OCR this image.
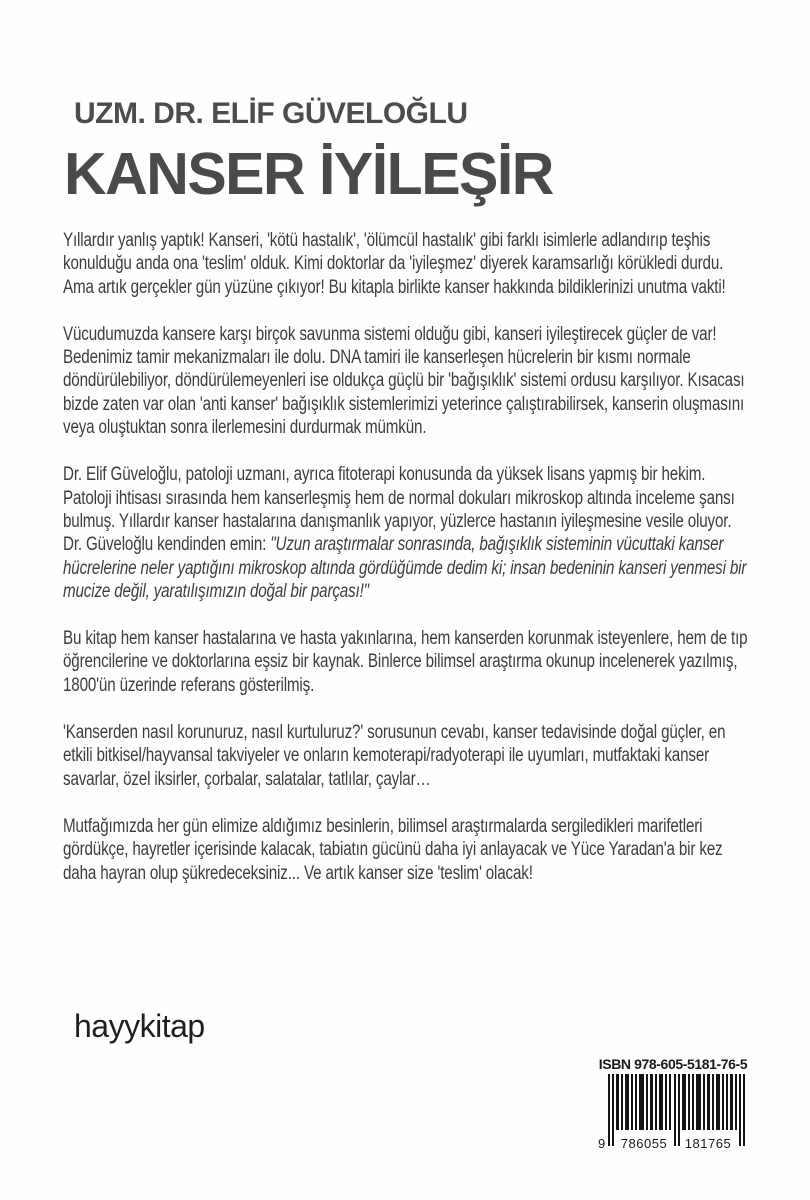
UZM. DR. ELİF GÜVELOĞLU
KANSER İYİLEŞİR

Yıllardır yanlış yaptık! Kanseri, 'kötü hastalık', 'ölümcül hastalık' gibi farklı isimlerle adlandırıp teşhis konulduğu anda ona 'teslim' olduk. Kimi doktorlar da 'iyileşmez' diyerek karamsarlığı körükledi durdu. Ama artık gerçekler gün yüzüne çıkıyor! Bu kitapla birlikte kanser hakkında bildiklerinizi unutma vakti!

Vücudumuzda kansere karşı birçok savunma sistemi olduğu gibi, kanseri iyileştirecek güçler de var! Bedenimiz tamir mekanizmaları ile dolu. DNA tamiri ile kanserleşen hücrelerin bir kısmı normale döndürülebiliyor, döndürülemeyenleri ise oldukça güçlü bir 'bağışıklık' sistemi ordusu karşılıyor. Kısacası bizde zaten var olan 'anti kanser' bağışıklık sistemlerimizi yeterince çalıştırabilirsek, kanserin oluşmasını veya oluştuktan sonra ilerlemesini durdurmak mümkün.

Dr. Elif Güveloğlu, patoloji uzmanı, ayrıca fitoterapi konusunda da yüksek lisans yapmış bir hekim. Patoloji ihtisası sırasında hem kanserleşmiş hem de normal dokuları mikroskop altında inceleme şansı bulmuş. Yıllardır kanser hastalarına danışmanlık yapıyor, yüzlerce hastanın iyileşmesine vesile oluyor. Dr. Güveloğlu kendinden emin: "Uzun araştırmalar sonrasında, bağışıklık sisteminin vücuttaki kanser hücrelerine neler yaptığını mikroskop altında gördüğümde dedim ki; insan bedeninin kanseri yenmesi bir mucize değil, yaratılışımızın doğal bir parçası!"

Bu kitap hem kanser hastalarına ve hasta yakınlarına, hem kanserden korunmak isteyenlere, hem de tıp öğrencilerine ve doktorlarına eşsiz bir kaynak. Binlerce bilimsel araştırma okunup incelenerek yazılmış, 1800'ün üzerinde referans gösterilmiş.

'Kanserden nasıl korunuruz, nasıl kurtuluruz?' sorusunun cevabı, kanser tedavisinde doğal güçler, en etkili bitkisel/hayvansal takviyeler ve onların kemoterapi/radyoterapi ile uyumları, mutfaktaki kanser savarlar, özel iksirler, çorbalar, salatalar, tatlılar, çaylar…

Mutfağımızda her gün elimize aldığımız besinlerin, bilimsel araştırmalarda sergiledikleri marifetleri gördükçe, hayretler içerisinde kalacak, tabiatın gücünü daha iyi anlayacak ve Yüce Yaradan'a bir kez daha hayran olup şükredeceksiniz... Ve artık kanser size 'teslim' olacak!

hayykitap
ISBN 978-605-5181-76-5
9 786055 181765
